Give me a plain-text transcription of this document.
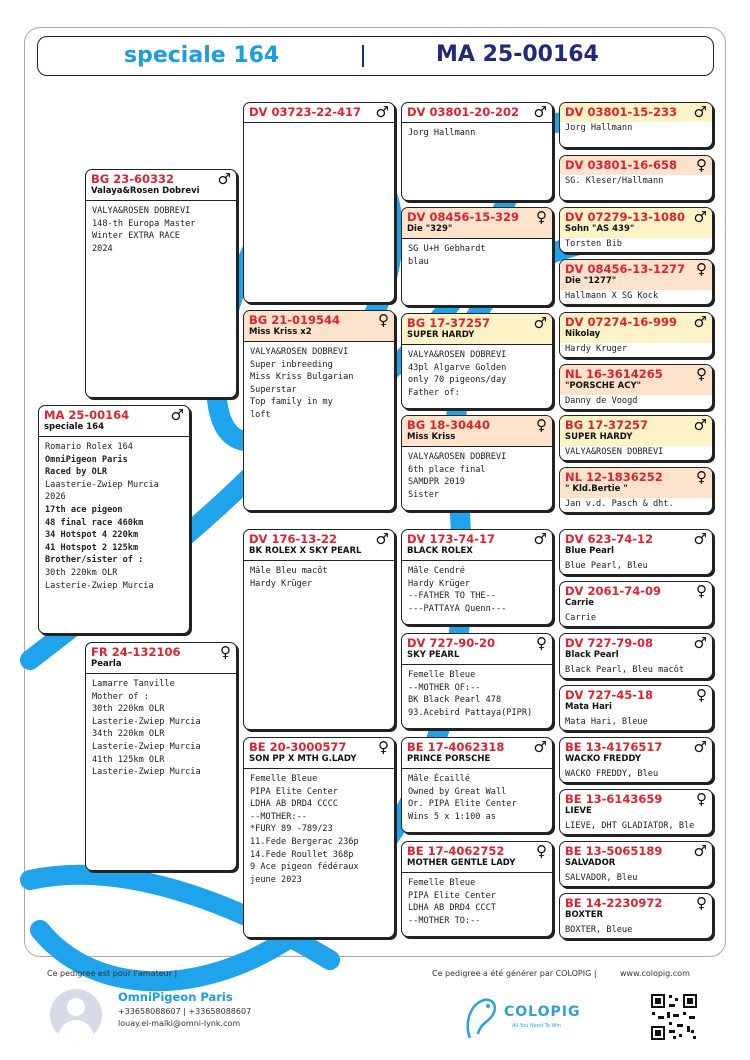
speciale 164	MA 25-00164
BG 23-60332
Valaya&Rosen Dobrevi
♂
VALYA&ROSEN DOBREVI
148-th Europa Master
Winter EXTRA RACE
2024
MA 25-00164
speciale 164
♂
Romario Rolex 164
OmniPigeon Paris
Raced by OLR
Laasterie-Zwiep Murcia
2026
17th ace pigeon
48 final race 460km
34 Hotspot 4 220km
41 Hotspot 2 125km
Brother/sister of :
30th 220km OLR
Lasterie-Zwiep Murcia
FR 24-132106
Pearla
♀
Lamarre Tanville
Mother of :
30th 220km OLR
Lasterie-Zwiep Murcia
34th 220km OLR
Lasterie-Zwiep Murcia
41th 125km OLR
Lasterie-Zwiep Murcia
DV 03723-22-417 ♂
BG 21-019544
Miss Kriss x2
♀
VALYA&ROSEN DOBREVI
Super inbreeding
Miss Kriss Bulgarian
Superstar
Top family in my
loft
DV 176-13-22
BK ROLEX X SKY PEARL
♂
Mâle Bleu macôt
Hardy Krüger
BE 20-3000577
SON PP X MTH G.LADY
♀
Femelle Bleue
PIPA Elite Center
LDHA AB DRD4 CCCC
--MOTHER:--
*FURY 89 -789/23
11.Fede Bergerac 236p
14.Fede Roullet 368p
9 Ace pigeon fédéraux
jeune 2023
DV 03801-20-202 ♂
Jorg Hallmann
DV 08456-15-329
Die "329"
♀
SG U+H Gebhardt
blau
BG 17-37257
SUPER HARDY
♂
VALYA&ROSEN DOBREVI
43pl Algarve Golden
only 70 pigeons/day
Father of:
BG 18-30440
Miss Kriss
♀
VALYA&ROSEN DOBREVI
6th place final
SAMDPR 2019
Sister
DV 173-74-17
BLACK ROLEX
♂
Mâle Cendré
Hardy Krüger
--FATHER TO THE--
---PATTAYA Quenn---
DV 727-90-20
SKY PEARL
♀
Femelle Bleue
--MOTHER OF:--
BK Black Pearl 478
93.Acebird Pattaya(PIPR)
BE 17-4062318
PRINCE PORSCHE
♂
Mâle Écaillé
Owned by Great Wall
Or. PIPA Elite Center
Wins 5 x 1:100 as
BE 17-4062752
MOTHER GENTLE LADY
♀
Femelle Bleue
PIPA Elite Center
LDHA AB DRD4 CCCT
--MOTHER TO:--
DV 03801-15-233	♂
Jorg Hallmann
DV 03801-16-658	♀
SG. Kleser/Hallmann
DV 07279-13-1080
Sohn "AS 439"
♂
Torsten Bib
DV 08456-13-1277
Die "1277"
♀
Hallmann X SG Kock
DV 07274-16-999
Nikolay
♂
Hardy Kruger
NL 16-3614265
"PORSCHE ACY"
♀
Danny de Voogd
BG 17-37257
SUPER HARDY
♂
VALYA&ROSEN DOBREVI
NL 12-1836252
" Kld.Bertie "
♀
Jan v.d. Pasch & dht.
DV 623-74-12
Blue Pearl
♂
Blue Pearl, Bleu
DV 2061-74-09
Carrie
♀
Carrie
DV 727-79-08
Black Pearl
♂
Black Pearl, Bleu macôt
DV 727-45-18
Mata Hari
♀
Mata Hari, Bleue
BE 13-4176517
WACKO FREDDY
♂
WACKO FREDDY, Bleu
BE 13-6143659
LIEVE
♀
LIEVE, DHT GLADIATOR, Ble
BE 13-5065189
SALVADOR
♂
SALVADOR, Bleu
BE 14-2230972
BOXTER
♀
BOXTER, Bleue
Ce pedigree est pour l'amateur |	Ce pedigree a été générer par COLOPIG |	www.colopig.com
OmniPigeon Paris
+33658088607 | +33658088607
louay.el-malki@omni-lynk.com
COLOPIG
All You Need To Win
